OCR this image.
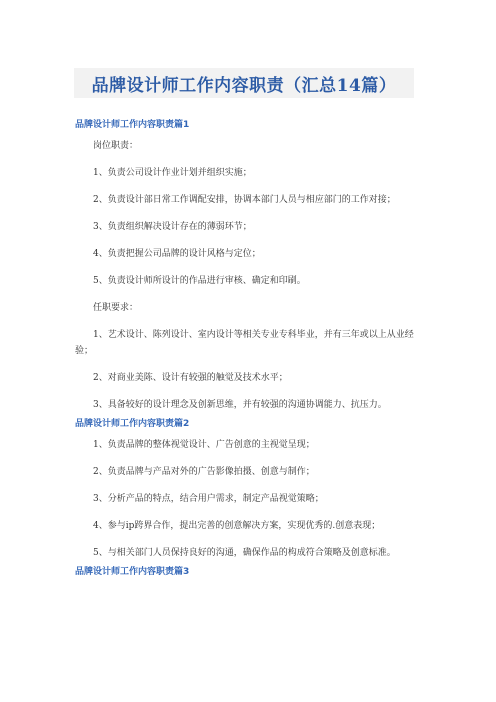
品牌设计师工作内容职责（汇总14篇）
品牌设计师工作内容职责篇1

岗位职责：

1、负责公司设计作业计划并组织实施；

2、负责设计部日常工作调配安排，协调本部门人员与相应部门的工作对接；

3、负责组织解决设计存在的薄弱环节；

4、负责把握公司品牌的设计风格与定位；

5、负责设计师所设计的作品进行审核、确定和印刷。

任职要求：

1、艺术设计、陈列设计、室内设计等相关专业专科毕业，并有三年或以上从业经验；

2、对商业美陈、设计有较强的触觉及技术水平；

3、具备较好的设计理念及创新思维，并有较强的沟通协调能力、抗压力。

品牌设计师工作内容职责篇2

1、负责品牌的整体视觉设计、广告创意的主视觉呈现；

2、负责品牌与产品对外的广告影像拍摄、创意与制作；

3、分析产品的特点，结合用户需求，制定产品视觉策略；

4、参与ip跨界合作，提出完善的创意解决方案，实现优秀的.创意表现；

5、与相关部门人员保持良好的沟通，确保作品的构成符合策略及创意标准。

品牌设计师工作内容职责篇3
